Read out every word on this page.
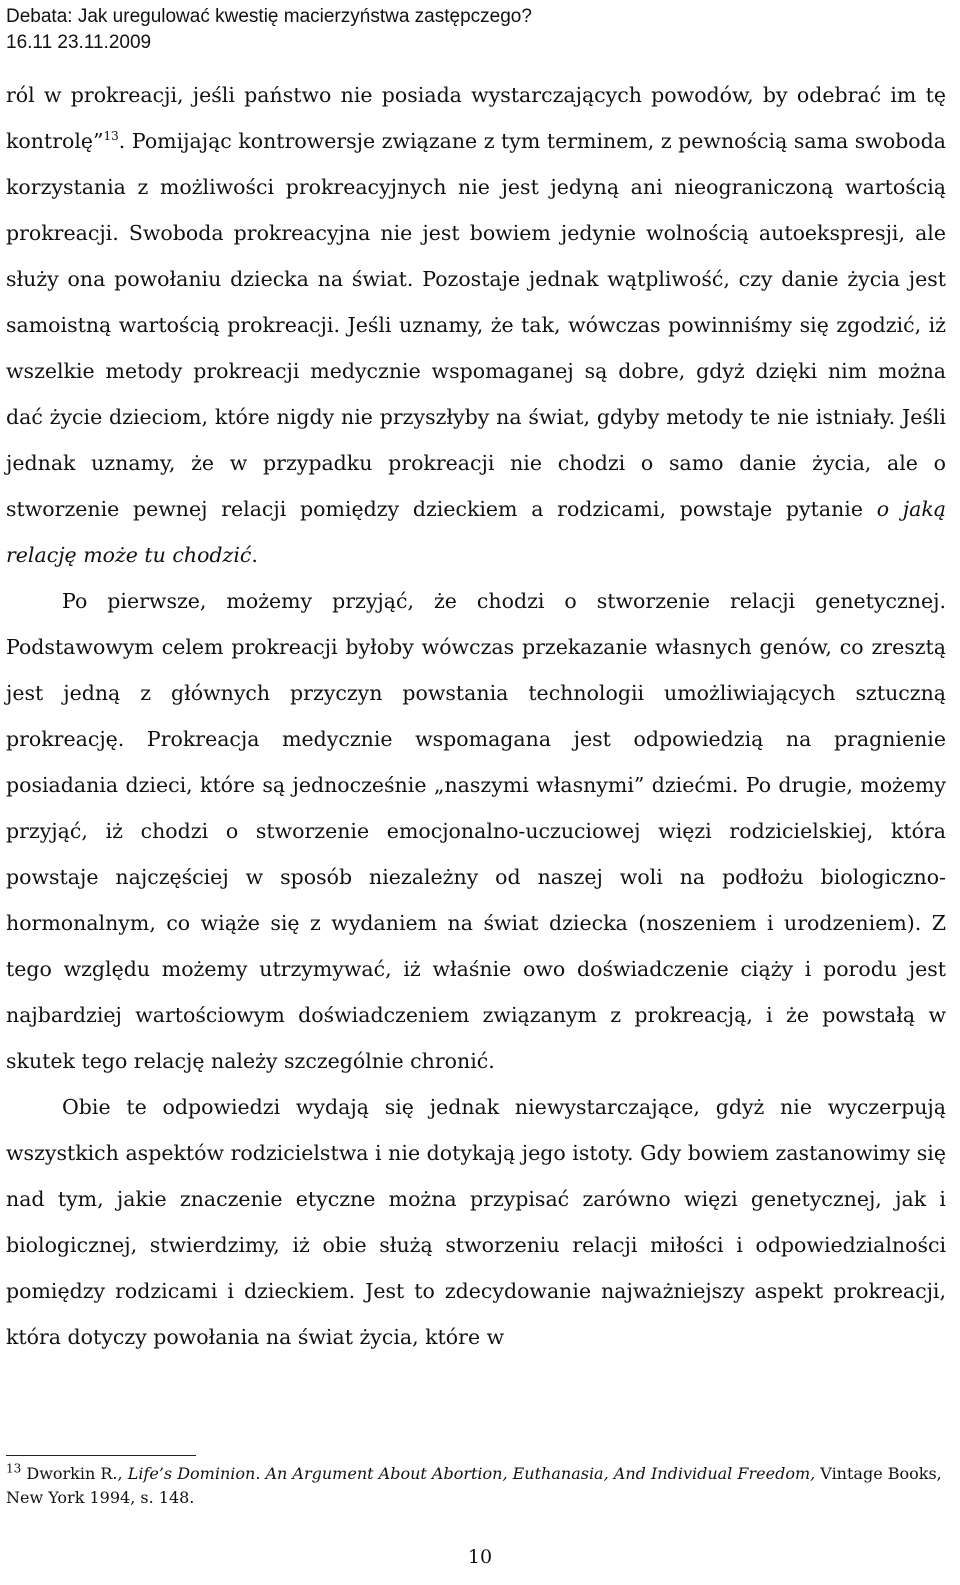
Debata: Jak uregulować kwestię macierzyństwa zastępczego?
16.11 23.11.2009

ról w prokreacji, jeśli państwo nie posiada wystarczających powodów, by odebrać im tę kontrolę”$^{13}$. Pomijając kontrowersje związane z tym terminem, z pewnością sama swoboda korzystania z możliwości prokreacyjnych nie jest jedyną ani nieograniczoną wartością prokreacji. Swoboda prokreacyjna nie jest bowiem jedynie wolnością autoekspresji, ale służy ona powołaniu dziecka na świat. Pozostaje jednak wątpliwość, czy danie życia jest samoistną wartością prokreacji. Jeśli uznamy, że tak, wówczas powinniśmy się zgodzić, iż wszelkie metody prokreacji medycznie wspomaganej są dobre, gdyż dzięki nim można dać życie dzieciom, które nigdy nie przyszłyby na świat, gdyby metody te nie istniały. Jeśli jednak uznamy, że w przypadku prokreacji nie chodzi o samo danie życia, ale o stworzenie pewnej relacji pomiędzy dzieckiem a rodzicami, powstaje pytanie o jaką relację może tu chodzić.

Po pierwsze, możemy przyjąć, że chodzi o stworzenie relacji genetycznej. Podstawowym celem prokreacji byłoby wówczas przekazanie własnych genów, co zresztą jest jedną z głównych przyczyn powstania technologii umożliwiających sztuczną prokreację. Prokreacja medycznie wspomagana jest odpowiedzią na pragnienie posiadania dzieci, które są jednocześnie „naszymi własnymi” dziećmi. Po drugie, możemy przyjąć, iż chodzi o stworzenie emocjonalno-uczuciowej więzi rodzicielskiej, która powstaje najczęściej w sposób niezależny od naszej woli na podłożu biologiczno-hormonalnym, co wiąże się z wydaniem na świat dziecka (noszeniem i urodzeniem). Z tego względu możemy utrzymywać, iż właśnie owo doświadczenie ciąży i porodu jest najbardziej wartościowym doświadczeniem związanym z prokreacją, i że powstałą w skutek tego relację należy szczególnie chronić.

Obie te odpowiedzi wydają się jednak niewystarczające, gdyż nie wyczerpują wszystkich aspektów rodzicielstwa i nie dotykają jego istoty. Gdy bowiem zastanowimy się nad tym, jakie znaczenie etyczne można przypisać zarówno więzi genetycznej, jak i biologicznej, stwierdzimy, iż obie służą stworzeniu relacji miłości i odpowiedzialności pomiędzy rodzicami i dzieckiem. Jest to zdecydowanie najważniejszy aspekt prokreacji, która dotyczy powołania na świat życia, które w

$^{13}$ Dworkin R., Life’s Dominion. An Argument About Abortion, Euthanasia, And Individual Freedom, Vintage Books, New York 1994, s. 148.
10
